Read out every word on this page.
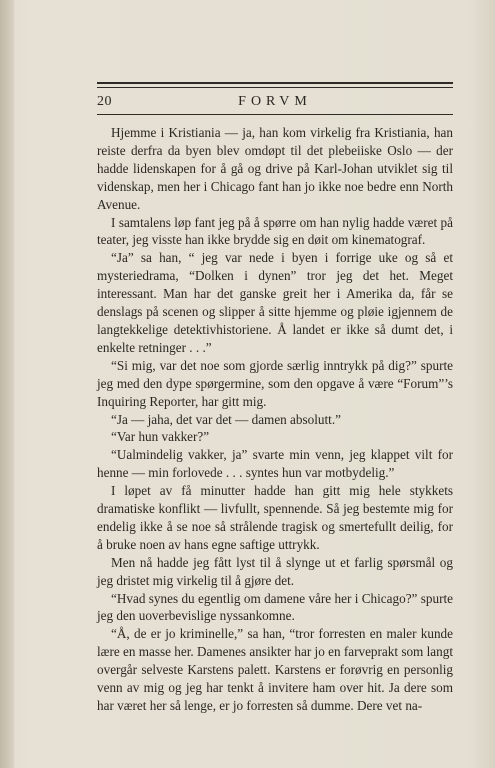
20	FORVM

Hjemme i Kristiania — ja, han kom virkelig fra Kristiania, han reiste derfra da byen blev omdøpt til det plebeiiske Oslo — der hadde lidenskapen for å gå og drive på Karl-Johan utviklet sig til videnskap, men her i Chicago fant han jo ikke noe bedre enn North Avenue.

I samtalens løp fant jeg på å spørre om han nylig hadde været på teater, jeg visste han ikke brydde sig en døit om kinematograf.

“Ja” sa han, “ jeg var nede i byen i forrige uke og så et mysteriedrama, “Dolken i dynen” tror jeg det het. Meget interessant. Man har det ganske greit her i Amerika da, får se denslags på scenen og slipper å sitte hjemme og pløie igjennem de langtekkelige detektivhistoriene. Å landet er ikke så dumt det, i enkelte retninger . . .”

“Si mig, var det noe som gjorde særlig inntrykk på dig?” spurte jeg med den dype spørgermine, som den opgave å være “Forum”’s Inquiring Reporter, har gitt mig.

“Ja — jaha, det var det — damen absolutt.”

“Var hun vakker?”

“Ualmindelig vakker, ja” svarte min venn, jeg klappet vilt for henne — min forlovede . . . syntes hun var motbydelig.”

I løpet av få minutter hadde han gitt mig hele stykkets dramatiske konflikt — livfullt, spennende. Så jeg bestemte mig for endelig ikke å se noe så strålende tragisk og smertefullt deilig, for å bruke noen av hans egne saftige uttrykk.

Men nå hadde jeg fått lyst til å slynge ut et farlig spørsmål og jeg dristet mig virkelig til å gjøre det.

“Hvad synes du egentlig om damene våre her i Chicago?” spurte jeg den uoverbevislige nyssankomne.

“Å, de er jo kriminelle,” sa han, “tror forresten en maler kunde lære en masse her. Damenes ansikter har jo en farveprakt som langt overgår selveste Karstens palett. Karstens er forøvrig en personlig venn av mig og jeg har tenkt å invitere ham over hit. Ja dere som har været her så lenge, er jo forresten så dumme. Dere vet na-
